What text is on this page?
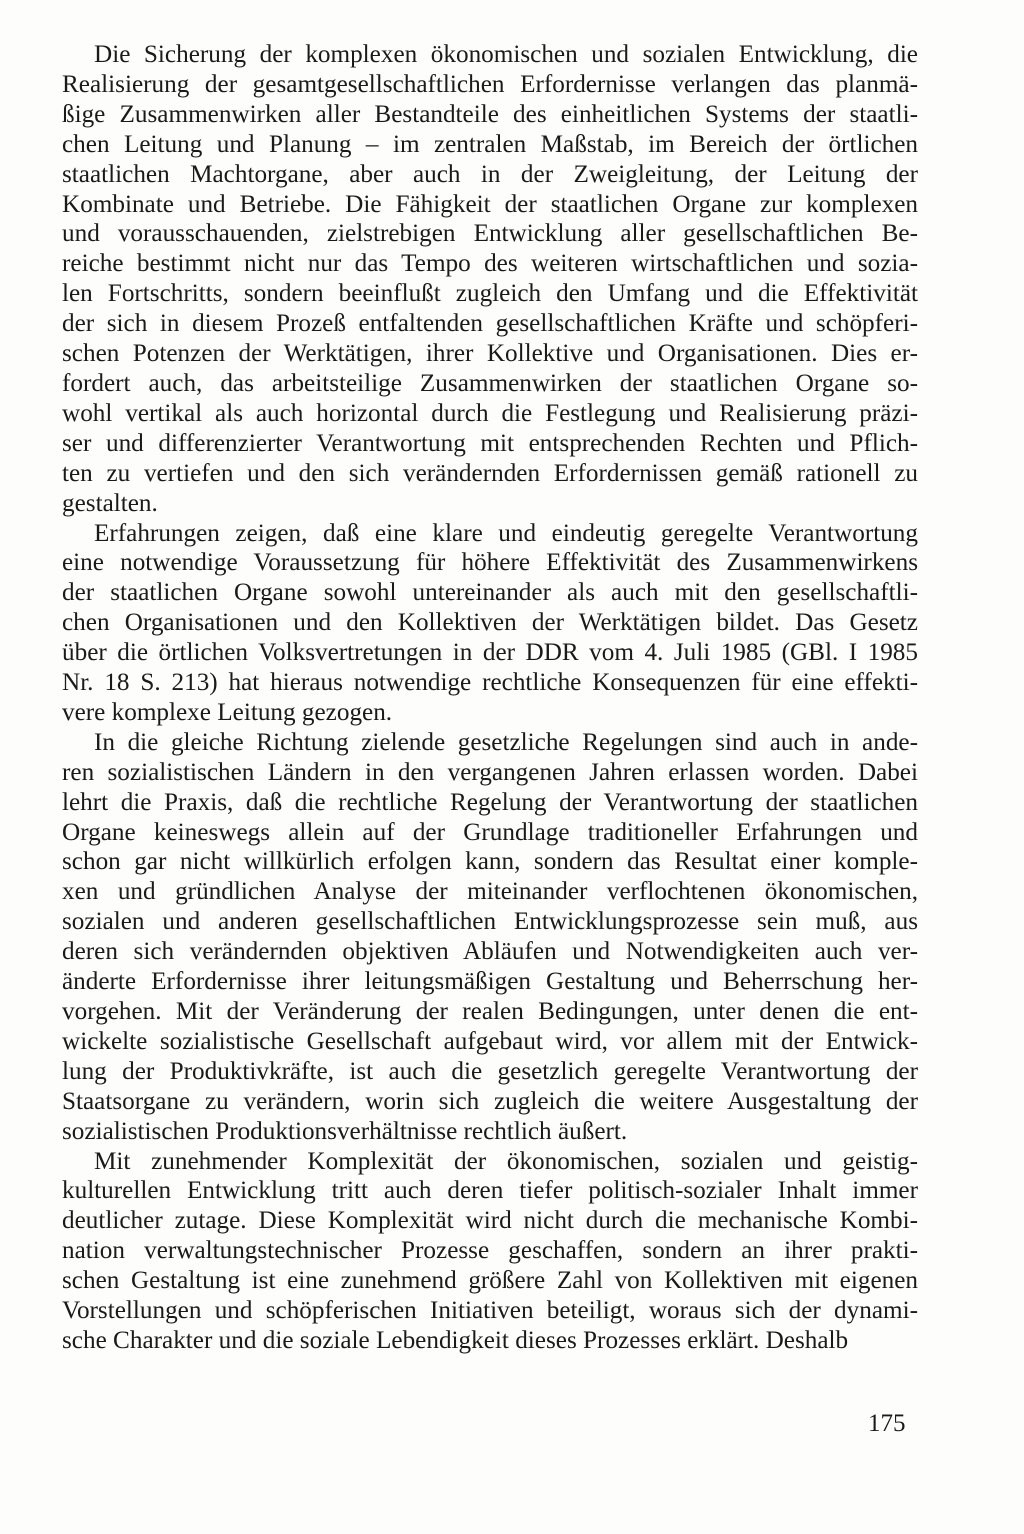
Die Sicherung der komplexen ökonomischen und sozialen Entwicklung, die
Realisierung der gesamtgesellschaftlichen Erfordernisse verlangen das planmä-
ßige Zusammenwirken aller Bestandteile des einheitlichen Systems der staatli-
chen Leitung und Planung – im zentralen Maßstab, im Bereich der örtlichen
staatlichen Machtorgane, aber auch in der Zweigleitung, der Leitung der
Kombinate und Betriebe. Die Fähigkeit der staatlichen Organe zur komplexen
und vorausschauenden, zielstrebigen Entwicklung aller gesellschaftlichen Be-
reiche bestimmt nicht nur das Tempo des weiteren wirtschaftlichen und sozia-
len Fortschritts, sondern beeinflußt zugleich den Umfang und die Effektivität
der sich in diesem Prozeß entfaltenden gesellschaftlichen Kräfte und schöpferi-
schen Potenzen der Werktätigen, ihrer Kollektive und Organisationen. Dies er-
fordert auch, das arbeitsteilige Zusammenwirken der staatlichen Organe so-
wohl vertikal als auch horizontal durch die Festlegung und Realisierung präzi-
ser und differenzierter Verantwortung mit entsprechenden Rechten und Pflich-
ten zu vertiefen und den sich verändernden Erfordernissen gemäß rationell zu
gestalten.
Erfahrungen zeigen, daß eine klare und eindeutig geregelte Verantwortung
eine notwendige Voraussetzung für höhere Effektivität des Zusammenwirkens
der staatlichen Organe sowohl untereinander als auch mit den gesellschaftli-
chen Organisationen und den Kollektiven der Werktätigen bildet. Das Gesetz
über die örtlichen Volksvertretungen in der DDR vom 4. Juli 1985 (GBl. I 1985
Nr. 18 S. 213) hat hieraus notwendige rechtliche Konsequenzen für eine effekti-
vere komplexe Leitung gezogen.
In die gleiche Richtung zielende gesetzliche Regelungen sind auch in ande-
ren sozialistischen Ländern in den vergangenen Jahren erlassen worden. Dabei
lehrt die Praxis, daß die rechtliche Regelung der Verantwortung der staatlichen
Organe keineswegs allein auf der Grundlage traditioneller Erfahrungen und
schon gar nicht willkürlich erfolgen kann, sondern das Resultat einer komple-
xen und gründlichen Analyse der miteinander verflochtenen ökonomischen,
sozialen und anderen gesellschaftlichen Entwicklungsprozesse sein muß, aus
deren sich verändernden objektiven Abläufen und Notwendigkeiten auch ver-
änderte Erfordernisse ihrer leitungsmäßigen Gestaltung und Beherrschung her-
vorgehen. Mit der Veränderung der realen Bedingungen, unter denen die ent-
wickelte sozialistische Gesellschaft aufgebaut wird, vor allem mit der Entwick-
lung der Produktivkräfte, ist auch die gesetzlich geregelte Verantwortung der
Staatsorgane zu verändern, worin sich zugleich die weitere Ausgestaltung der
sozialistischen Produktionsverhältnisse rechtlich äußert.
Mit zunehmender Komplexität der ökonomischen, sozialen und geistig-
kulturellen Entwicklung tritt auch deren tiefer politisch-sozialer Inhalt immer
deutlicher zutage. Diese Komplexität wird nicht durch die mechanische Kombi-
nation verwaltungstechnischer Prozesse geschaffen, sondern an ihrer prakti-
schen Gestaltung ist eine zunehmend größere Zahl von Kollektiven mit eigenen
Vorstellungen und schöpferischen Initiativen beteiligt, woraus sich der dynami-
sche Charakter und die soziale Lebendigkeit dieses Prozesses erklärt. Deshalb
175
